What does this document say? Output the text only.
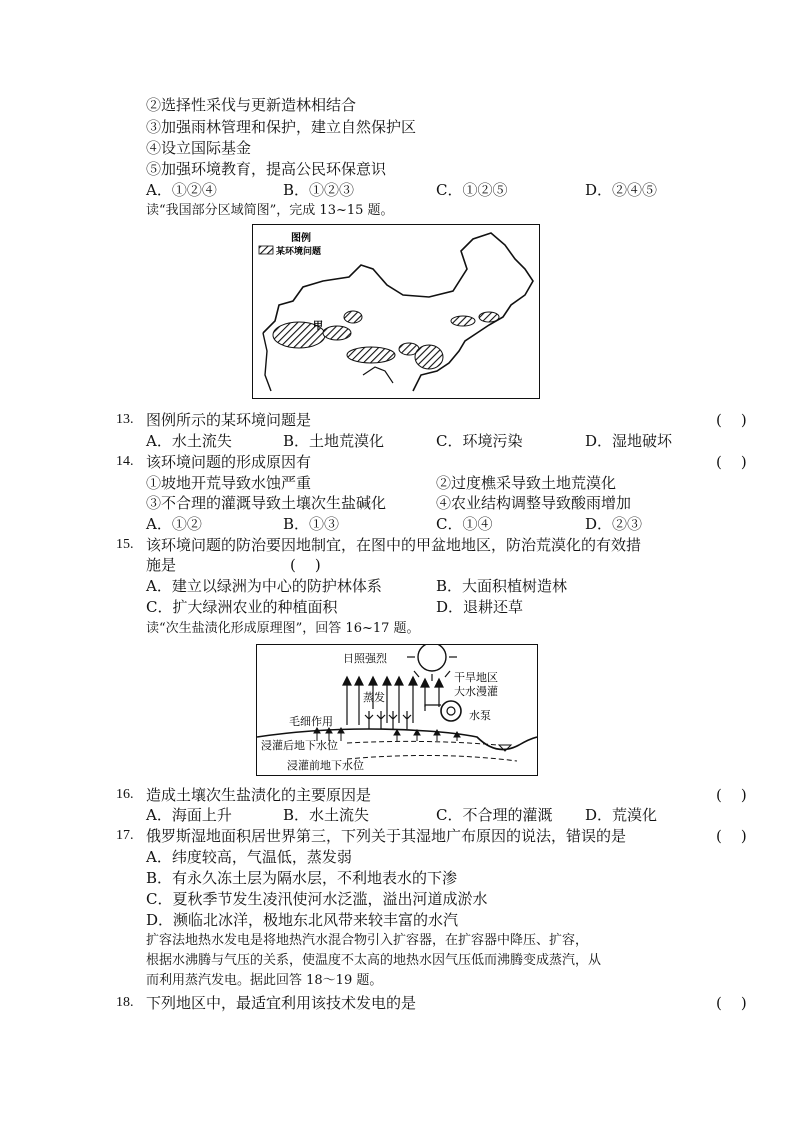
②选择性采伐与更新造林相结合
③加强雨林管理和保护，建立自然保护区
④设立国际基金
⑤加强环境教育，提高公民环保意识
A．①②④	B．①②③	C．①②⑤	D．②④⑤
读“我国部分区域简图”，完成 13~15 题。
图例
某环境问题
甲
13. 图例所示的某环境问题是	(    )
A．水土流失	B．土地荒漠化	C．环境污染	D．湿地破坏
14. 该环境问题的形成原因有	(    )
①坡地开荒导致水蚀严重	②过度樵采导致土地荒漠化
③不合理的灌溉导致土壤次生盐碱化	④农业结构调整导致酸雨增加
A．①②	B．①③	C．①④	D．②③
15. 该环境问题的防治要因地制宜，在图中的甲盆地地区，防治荒漠化的有效措
施是	(    )
A．建立以绿洲为中心的防护林体系	B．大面积植树造林
C．扩大绿洲农业的种植面积	D．退耕还草
读“次生盐渍化形成原理图”，回答 16~17 题。
日照强烈
干旱地区
大水漫灌
蒸发
毛细作用	水泵
浸灌后地下水位
浸灌前地下水位
16. 造成土壤次生盐渍化的主要原因是	(    )
A．海面上升	B．水土流失	C．不合理的灌溉 D．荒漠化
17. 俄罗斯湿地面积居世界第三，下列关于其湿地广布原因的说法，错误的是	(    )
A．纬度较高，气温低，蒸发弱
B．有永久冻土层为隔水层，不利地表水的下渗
C．夏秋季节发生凌汛使河水泛滥，溢出河道成淤水
D．濒临北冰洋，极地东北风带来较丰富的水汽
扩容法地热水发电是将地热汽水混合物引入扩容器，在扩容器中降压、扩容，
根据水沸腾与气压的关系，使温度不太高的地热水因气压低而沸腾变成蒸汽，从
而利用蒸汽发电。据此回答 18～19 题。
18. 下列地区中，最适宜利用该技术发电的是	(    )
